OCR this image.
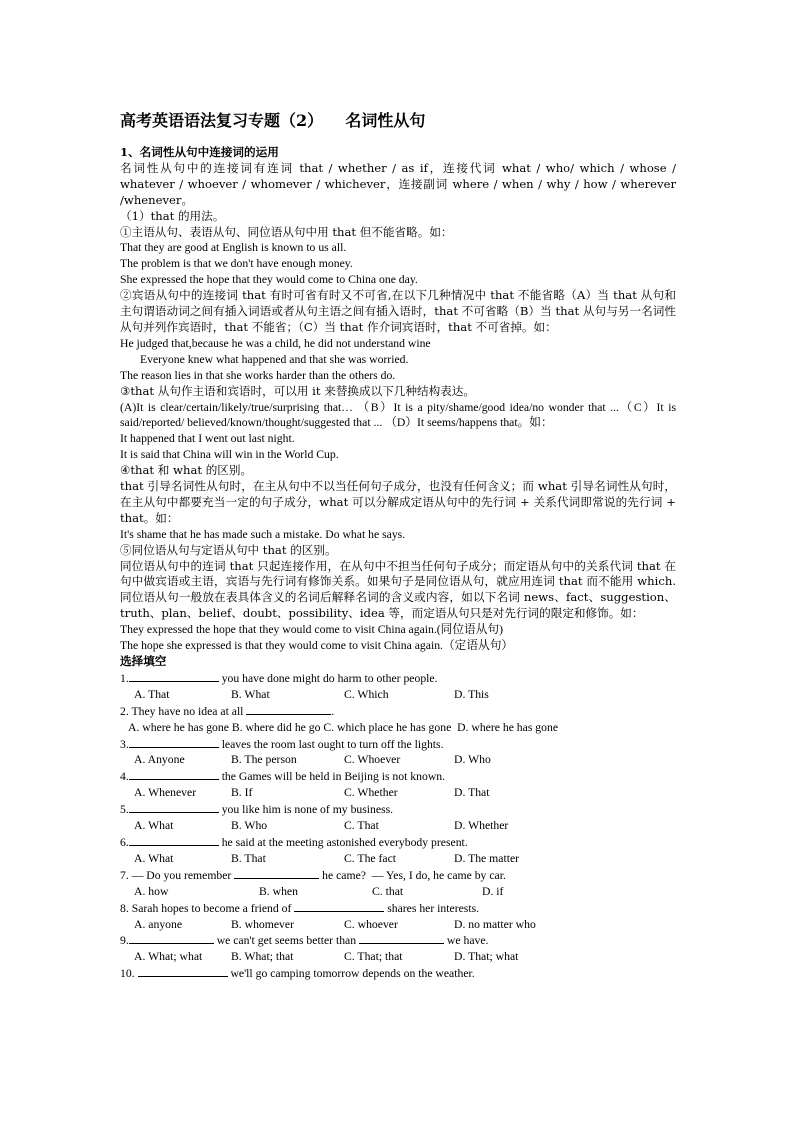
高考英语语法复习专题（2）    名词性从句

1、名词性从句中连接词的运用

名词性从句中的连接词有连词 that / whether / as if，连接代词 what / who/ which / whose / whatever / whoever / whomever / whichever，连接副词 where / when / why / how / wherever /whenever。

（1）that 的用法。

①主语从句、表语从句、同位语从句中用 that 但不能省略。如：

That they are good at English is known to us all.

The problem is that we don't have enough money.

She expressed the hope that they would come to China one day.

②宾语从句中的连接词 that 有时可省有时又不可省,在以下几种情况中 that 不能省略（A）当 that 从句和主句谓语动词之间有插入词语或者从句主语之间有插入语时，that 不可省略（B）当 that 从句与另一名词性从句并列作宾语时，that 不能省；（C）当 that 作介词宾语时，that 不可省掉。如：

He judged that,because he was a child, he did not understand wine

Everyone knew what happened and that she was worried.

The reason lies in that she works harder than the others do.

③that 从句作主语和宾语时，可以用 it 来替换成以下几种结构表达。

(A)It is clear/certain/likely/true/surprising that… （B）It is a pity/shame/good idea/no wonder that ...（C）It is said/reported/ believed/known/thought/suggested that ... （D）It seems/happens that。如：

It happened that I went out last night.

It is said that China will win in the World Cup.

④that 和 what 的区别。

that 引导名词性从句时，在主从句中不以当任何句子成分，也没有任何含义；而 what 引导名词性从句时，在主从句中都要充当一定的句子成分，what 可以分解成定语从句中的先行词 + 关系代词即常说的先行词 + that。如：

It's shame that he has made such a mistake. Do what he says.

⑤同位语从句与定语从句中 that 的区别。

同位语从句中的连词 that 只起连接作用，在从句中不担当任何句子成分；而定语从句中的关系代词 that 在句中做宾语或主语，宾语与先行词有修饰关系。如果句子是同位语从句，就应用连词 that 而不能用 which.同位语从句一般放在表具体含义的名词后解释名词的含义或内容，如以下名词 news、fact、suggestion、truth、plan、belief、doubt、possibility、idea 等，而定语从句只是对先行词的限定和修饰。如：

They expressed the hope that they would come to visit China again.(同位语从句)

The hope she expressed is that they would come to visit China again.（定语从句）

选择填空

1.	you have done might do harm to other people.

A. That	B. What	C. Which	D. This

2. They have no idea at all	.

A. where he has gone B. where did he go C. which place he has gone  D. where he has gone

3.	leaves the room last ought to turn off the lights.

A. Anyone	B. The person	C. Whoever	D. Who

4.	the Games will be held in Beijing is not known.

A. Whenever	B. If	C. Whether	D. That

5.	you like him is none of my business.

A. What	B. Who	C. That	D. Whether

6.	he said at the meeting astonished everybody present.

A. What	B. That	C. The fact	D. The matter

7. — Do you remember	he came?  — Yes, I do, he came by car.

A. how	B. when	C. that	D. if

8. Sarah hopes to become a friend of	shares her interests.

A. anyone	B. whomever	C. whoever	D. no matter who

9.	we can't get seems better than	we have.

A. What; what	B. What; that	C. That; that	D. That; what

10.	we'll go camping tomorrow depends on the weather.
